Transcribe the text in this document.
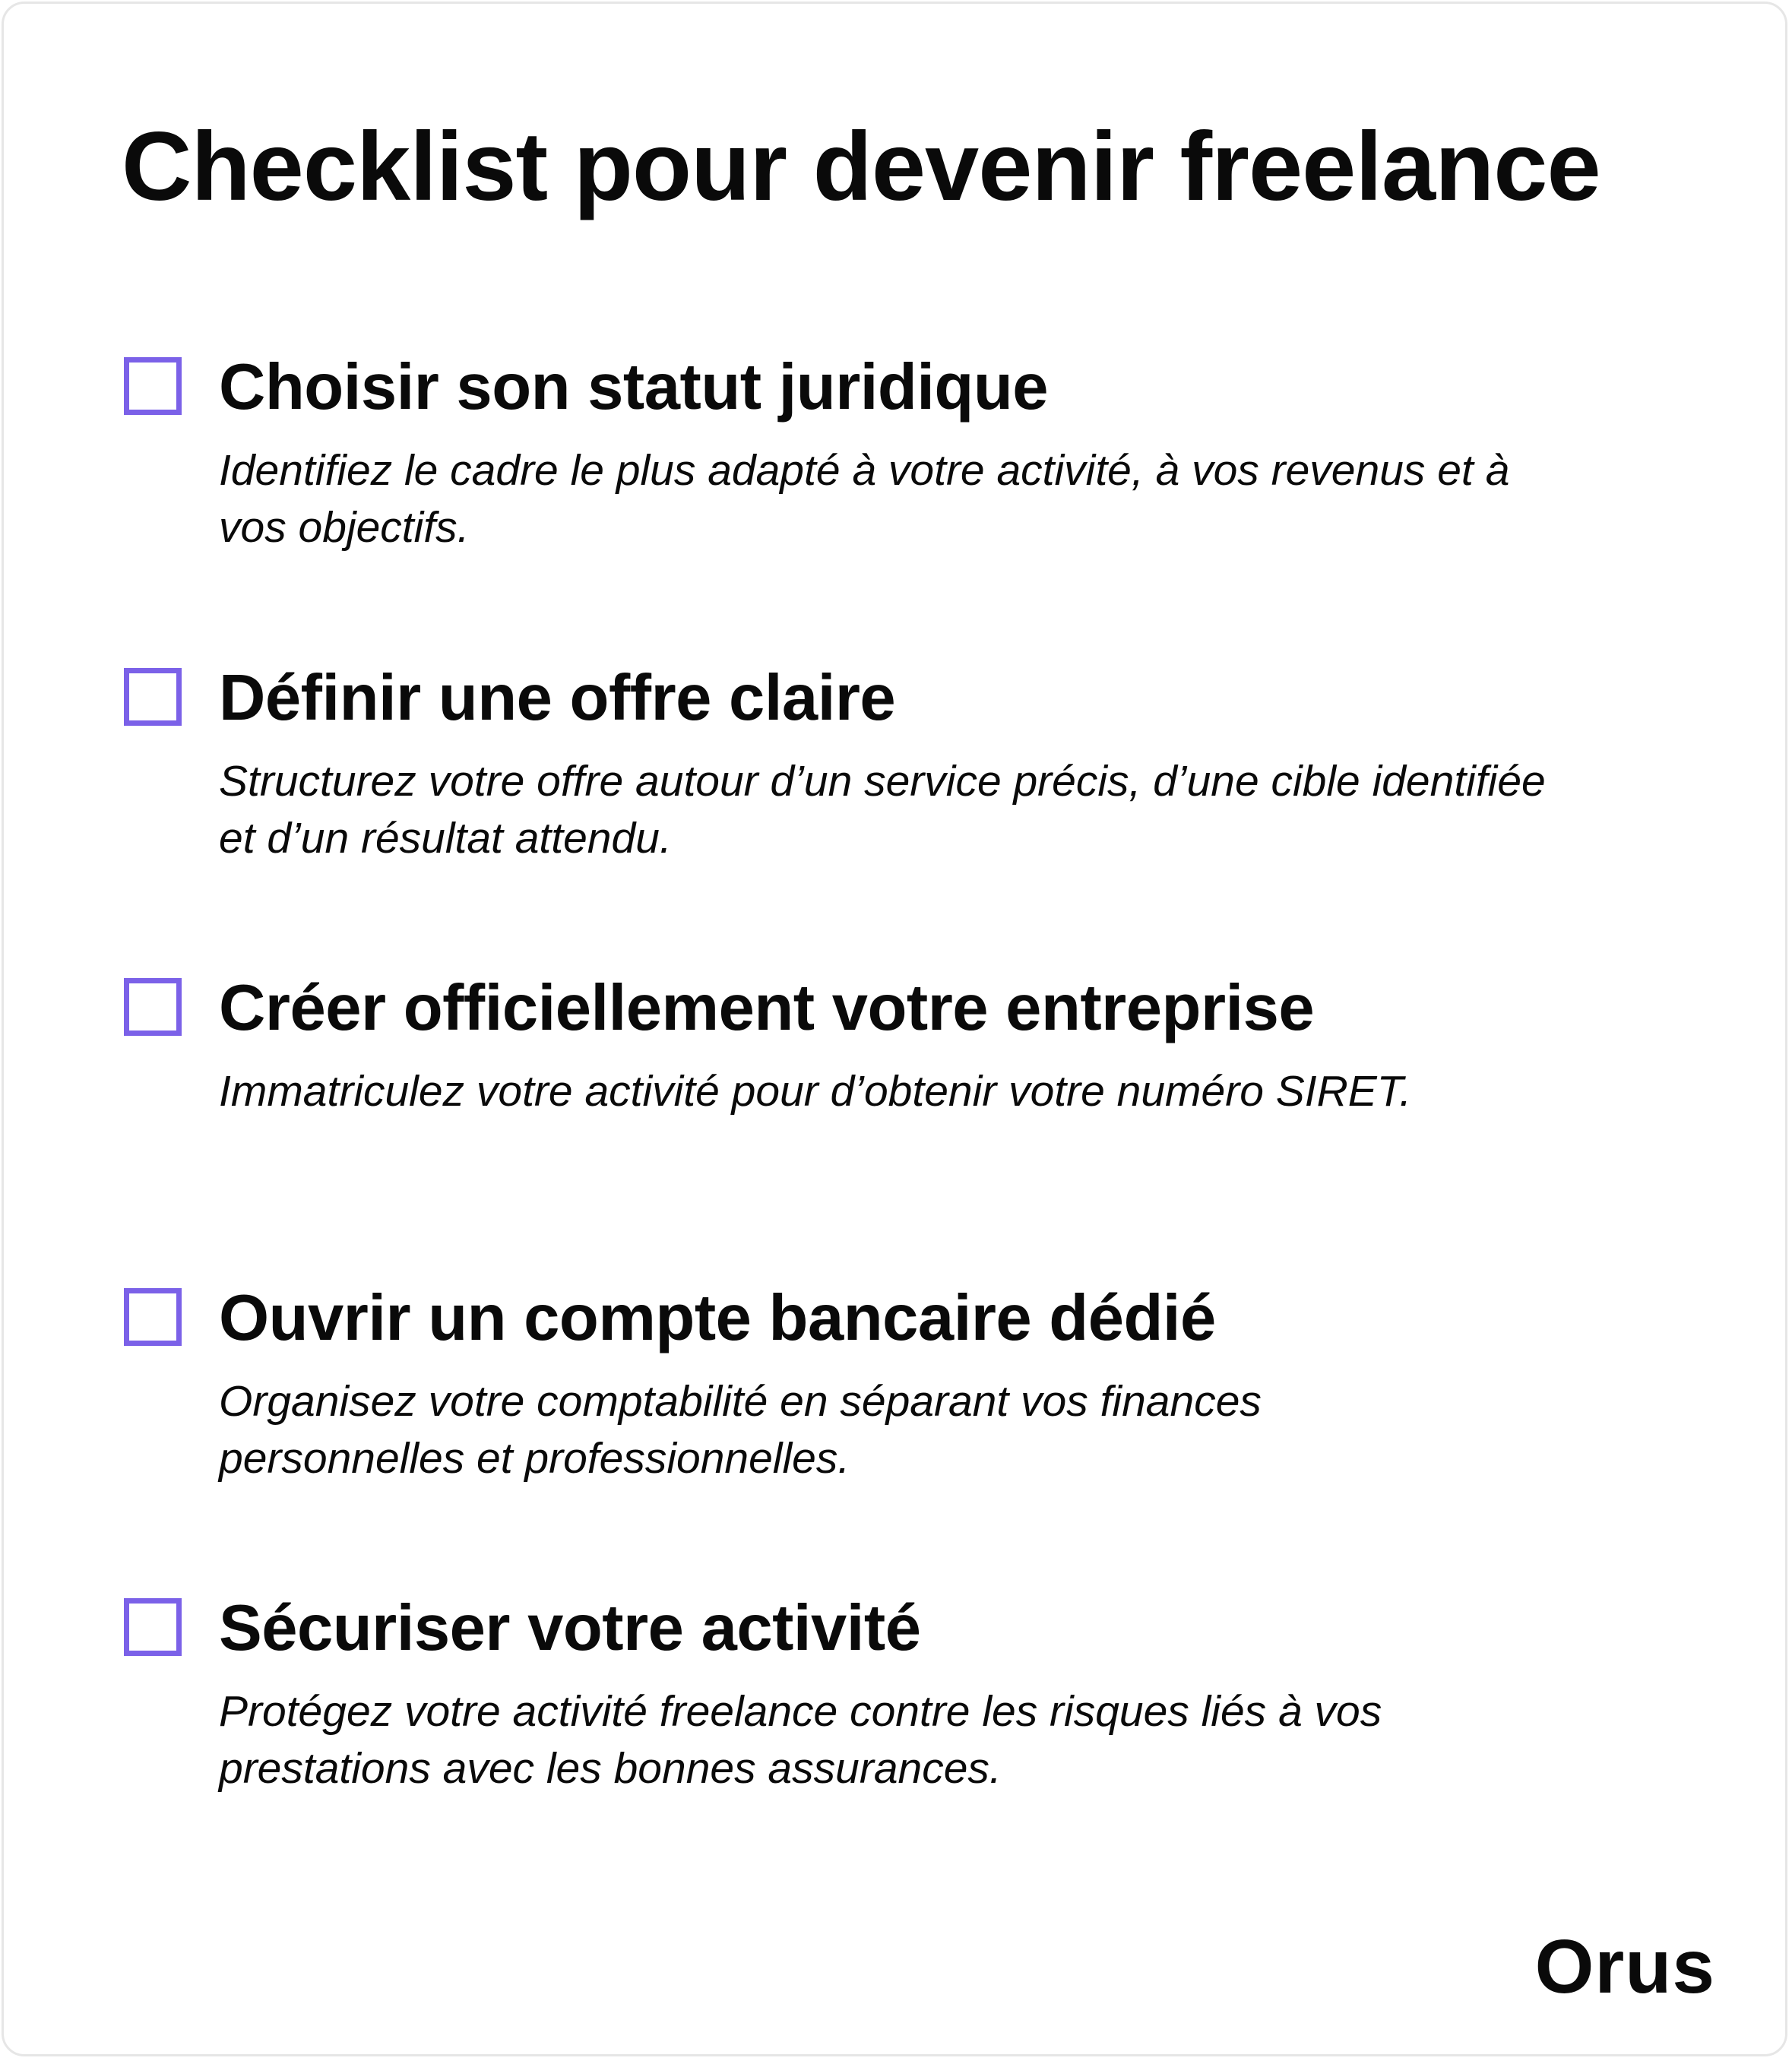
Checklist pour devenir freelance
Choisir son statut juridique

Identifiez le cadre le plus adapté à votre activité, à vos revenus et à vos objectifs.

Définir une offre claire

Structurez votre offre autour d’un service précis, d’une cible identifiée et d’un résultat attendu.

Créer officiellement votre entreprise

Immatriculez votre activité pour d’obtenir votre numéro SIRET.

Ouvrir un compte bancaire dédié

Organisez votre comptabilité en séparant vos finances personnelles et professionnelles.

Sécuriser votre activité

Protégez votre activité freelance contre les risques liés à vos prestations avec les bonnes assurances.

Orus
